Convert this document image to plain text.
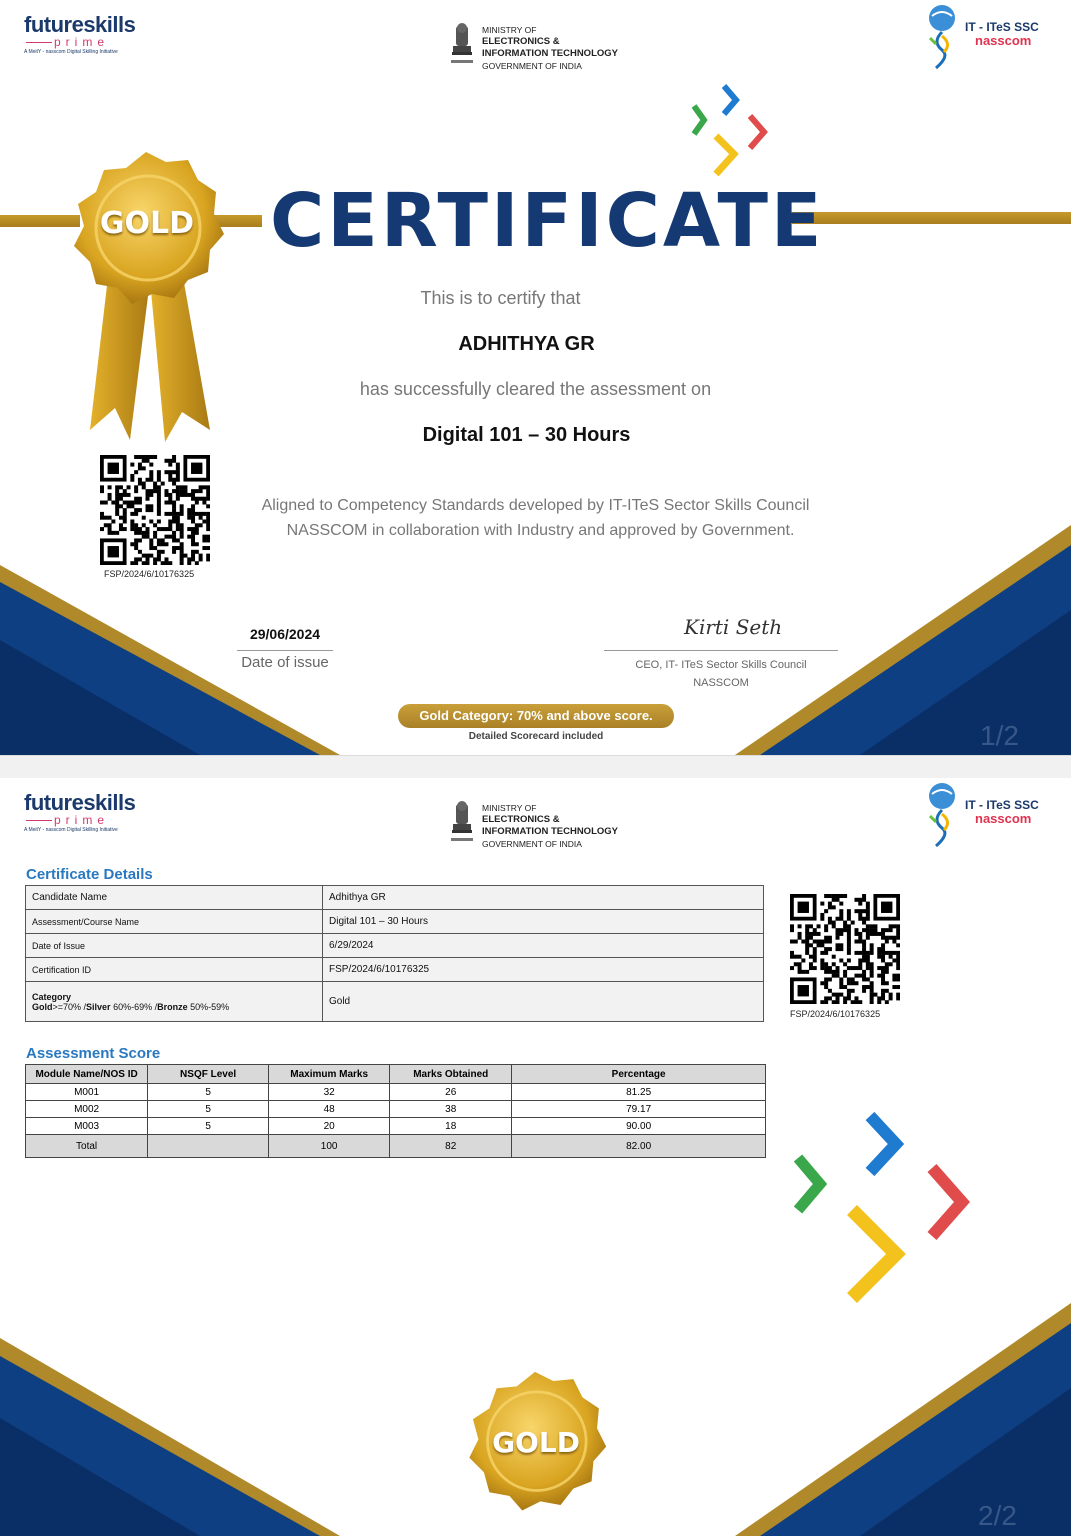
futureskills
prime
A MeitY - nasscom Digital Skilling Initiative
MINISTRY OF
ELECTRONICS &
INFORMATION TECHNOLOGY
GOVERNMENT OF INDIA
IT - ITeS SSC
nasscom
GOLD CERTIFICATE
This is to certify that
ADHITHYA GR
has successfully cleared the assessment on
Digital 101 – 30 Hours
Aligned to Competency Standards developed by IT-ITeS Sector Skills Council
NASSCOM in collaboration with Industry and approved by Government.
FSP/2024/6/10176325
29/06/2024
Date of issue
Kirti Seth
CEO, IT- ITeS Sector Skills Council
NASSCOM
Gold Category: 70% and above score.
Detailed Scorecard included	1/2
futureskills
prime
A MeitY - nasscom Digital Skilling Initiative
MINISTRY OF
ELECTRONICS &
INFORMATION TECHNOLOGY
GOVERNMENT OF INDIA
IT - ITeS SSC
nasscom
Certificate Details
FSP/2024/6/10176325
Assessment Score
GOLD
2/2
Candidate Name	Adhithya GR
Assessment/Course Name	Digital 101 – 30 Hours
Date of Issue	6/29/2024
Certification ID	FSP/2024/6/10176325
Category
Gold>=70% /Silver 60%-69% /Bronze 50%-59%	Gold
Module Name/NOS ID	NSQF Level	Maximum Marks	Marks Obtained	Percentage
M001	5	32	26	81.25
M002	5	48	38	79.17
M003	5	20	18	90.00
Total		100	82	82.00
